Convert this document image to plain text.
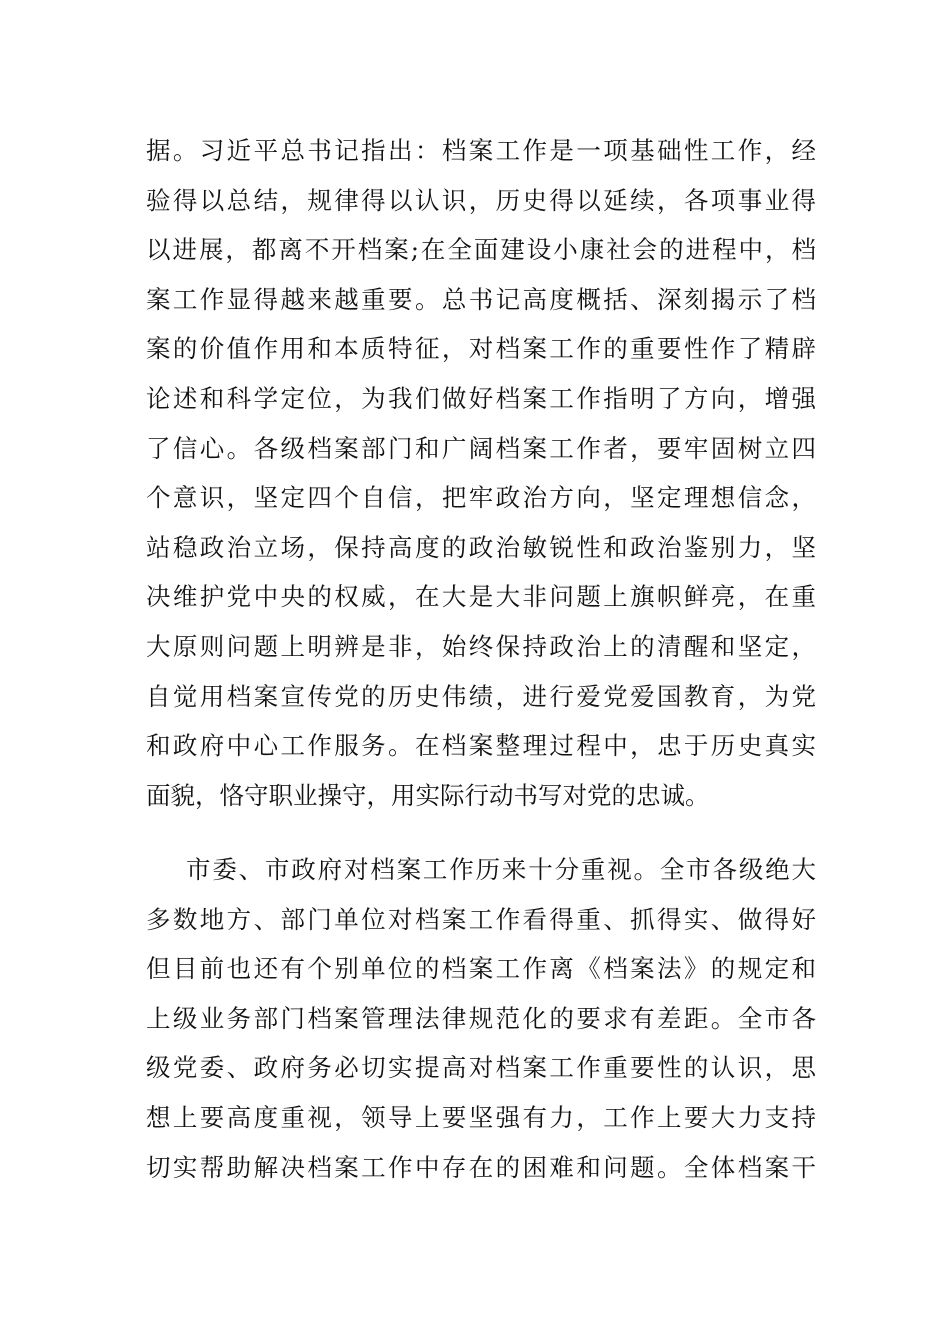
据。习近平总书记指出：档案工作是一项基础性工作，经
验得以总结，规律得以认识，历史得以延续，各项事业得
以进展，都离不开档案;在全面建设小康社会的进程中，档
案工作显得越来越重要。总书记高度概括、深刻揭示了档
案的价值作用和本质特征，对档案工作的重要性作了精辟
论述和科学定位，为我们做好档案工作指明了方向，增强
了信心。各级档案部门和广阔档案工作者，要牢固树立四
个意识，坚定四个自信，把牢政治方向，坚定理想信念，
站稳政治立场，保持高度的政治敏锐性和政治鉴别力，坚
决维护党中央的权威，在大是大非问题上旗帜鲜亮，在重
大原则问题上明辨是非，始终保持政治上的清醒和坚定，
自觉用档案宣传党的历史伟绩，进行爱党爱国教育，为党
和政府中心工作服务。在档案整理过程中，忠于历史真实
面貌，恪守职业操守，用实际行动书写对党的忠诚。
市委、市政府对档案工作历来十分重视。全市各级绝大
多数地方、部门单位对档案工作看得重、抓得实、做得好
但目前也还有个别单位的档案工作离《档案法》的规定和
上级业务部门档案管理法律规范化的要求有差距。全市各
级党委、政府务必切实提高对档案工作重要性的认识，思
想上要高度重视，领导上要坚强有力，工作上要大力支持
切实帮助解决档案工作中存在的困难和问题。全体档案干
